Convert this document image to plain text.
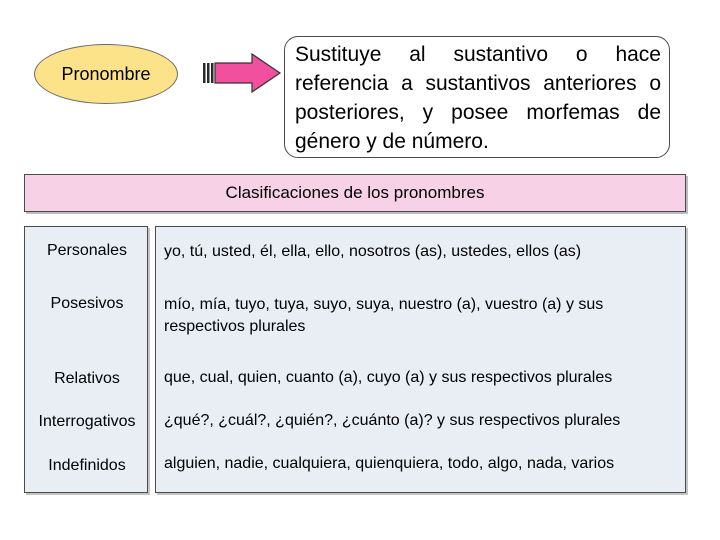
Pronombre
Sustituye al sustantivo o hace referencia a sustantivos anteriores o posteriores, y posee morfemas de género y de número.
Clasificaciones de los pronombres
Personales
Posesivos
Relativos
Interrogativos
Indefinidos
yo, tú, usted, él, ella, ello, nosotros (as), ustedes, ellos (as)
mío, mía, tuyo, tuya, suyo, suya, nuestro (a), vuestro (a) y sus respectivos plurales
que, cual, quien, cuanto (a), cuyo (a) y sus respectivos plurales
¿qué?, ¿cuál?, ¿quién?, ¿cuánto (a)? y sus respectivos plurales
alguien, nadie, cualquiera, quienquiera, todo, algo, nada, varios
